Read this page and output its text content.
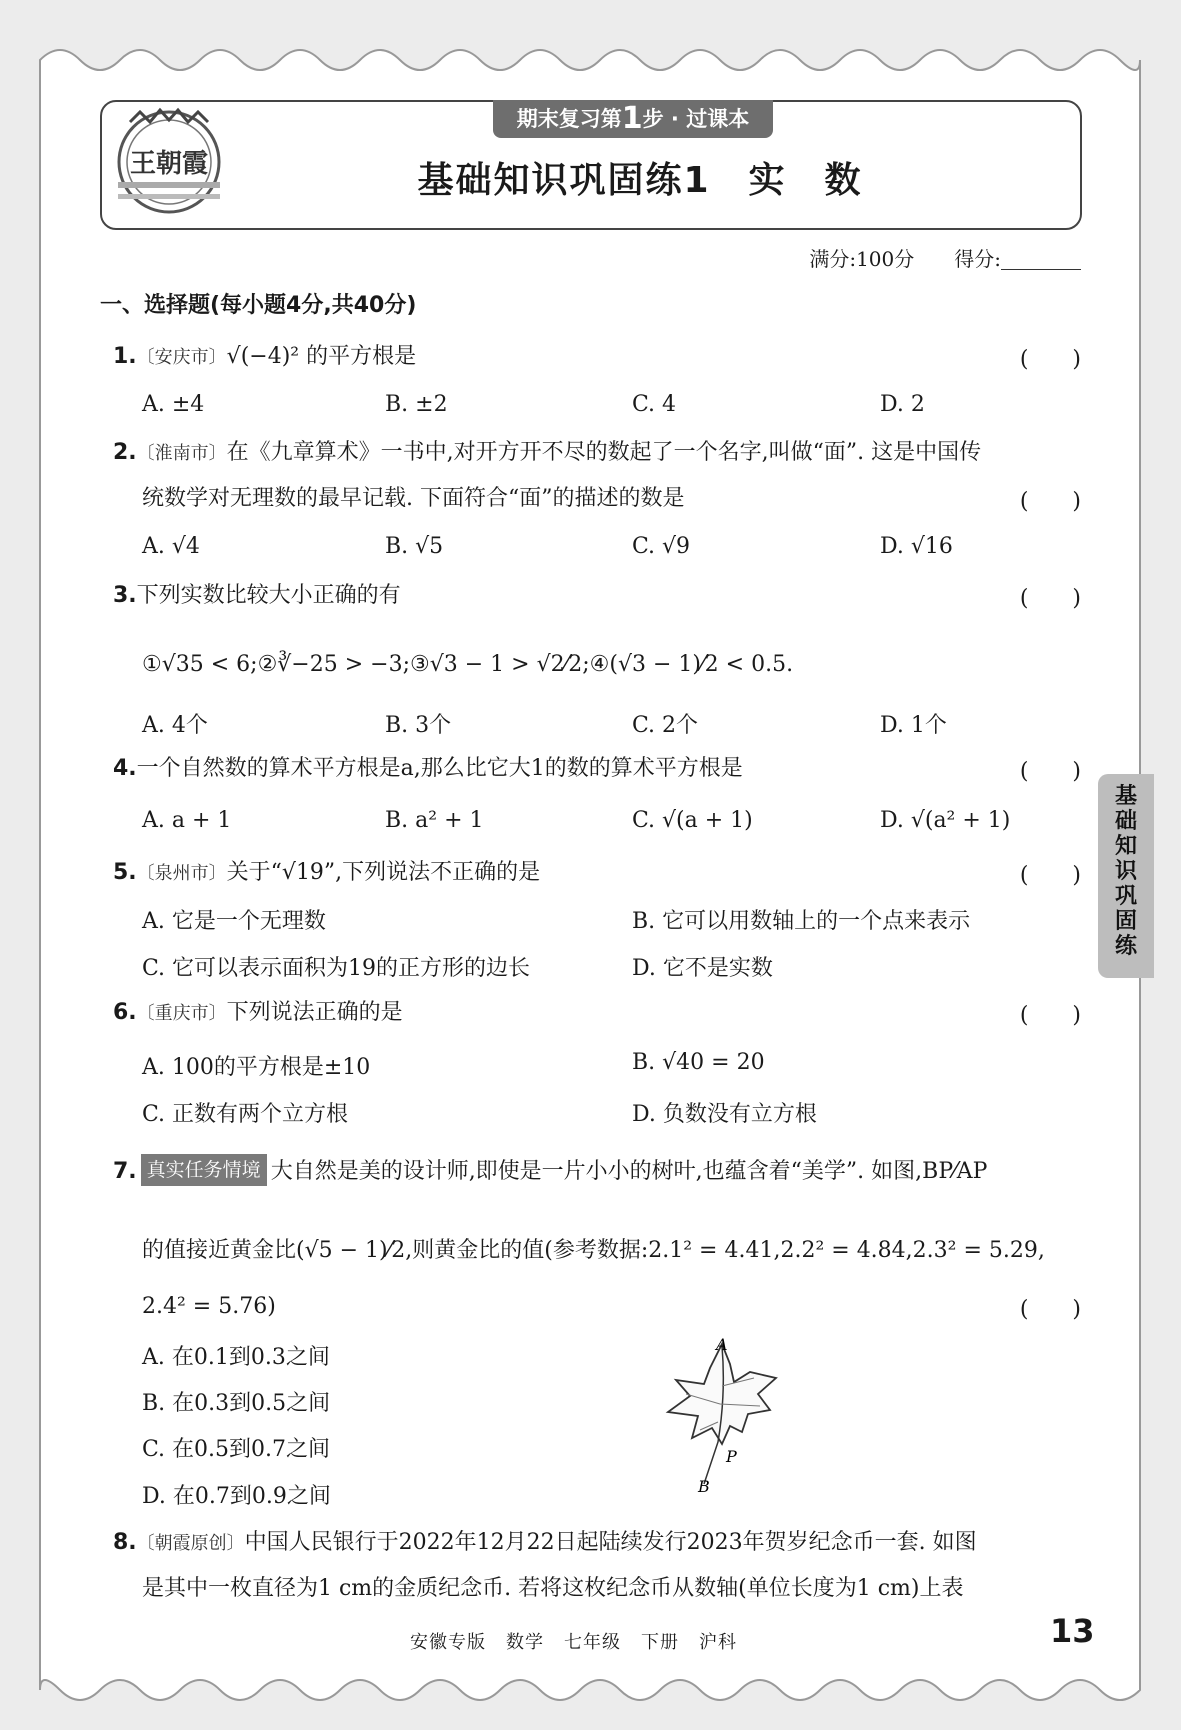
王朝霞
期末复习第1步 · 过课本
基础知识巩固练1　实　数
满分:100分　　 得分:
一、选择题(每小题4分,共40分)
基础知识巩固练
1.〔安庆市〕√(−4)² 的平方根是	(　　)
A. ±4	B. ±2	C. 4	D. 2
2.〔淮南市〕在《九章算术》一书中,对开方开不尽的数起了一个名字,叫做“面”. 这是中国传
统数学对无理数的最早记载. 下面符合“面”的描述的数是	(　　)
A. √4	B. √5	C. √9	D. √16
3.下列实数比较大小正确的有	(　　)
①√35 < 6;②∛−25 > −3;③√3 − 1 > √2⁄2;④(√3 − 1)⁄2 < 0.5.
A. 4个	B. 3个	C. 2个	D. 1个
4.一个自然数的算术平方根是a,那么比它大1的数的算术平方根是	(　　)
A. a + 1	B. a² + 1	C. √(a + 1)	D. √(a² + 1)
5.〔泉州市〕关于“√19”,下列说法不正确的是	(　　)
A. 它是一个无理数	B. 它可以用数轴上的一个点来表示
C. 它可以表示面积为19的正方形的边长	D. 它不是实数
6.〔重庆市〕下列说法正确的是	(　　)
A. 100的平方根是±10	B. √40 = 20
C. 正数有两个立方根	D. 负数没有立方根
7. 真实任务情境 大自然是美的设计师,即使是一片小小的树叶,也蕴含着“美学”. 如图,BP⁄AP
的值接近黄金比(√5 − 1)⁄2,则黄金比的值(参考数据:2.1² = 4.41,2.2² = 4.84,2.3² = 5.29,
2.4² = 5.76)	(　　)
A. 在0.1到0.3之间
B. 在0.3到0.5之间
C. 在0.5到0.7之间
D. 在0.7到0.9之间
A
B
P
8.〔朝霞原创〕中国人民银行于2022年12月22日起陆续发行2023年贺岁纪念币一套. 如图
是其中一枚直径为1 cm的金质纪念币. 若将这枚纪念币从数轴(单位长度为1 cm)上表
安徽专版 数学 七年级 下册 沪科	13
